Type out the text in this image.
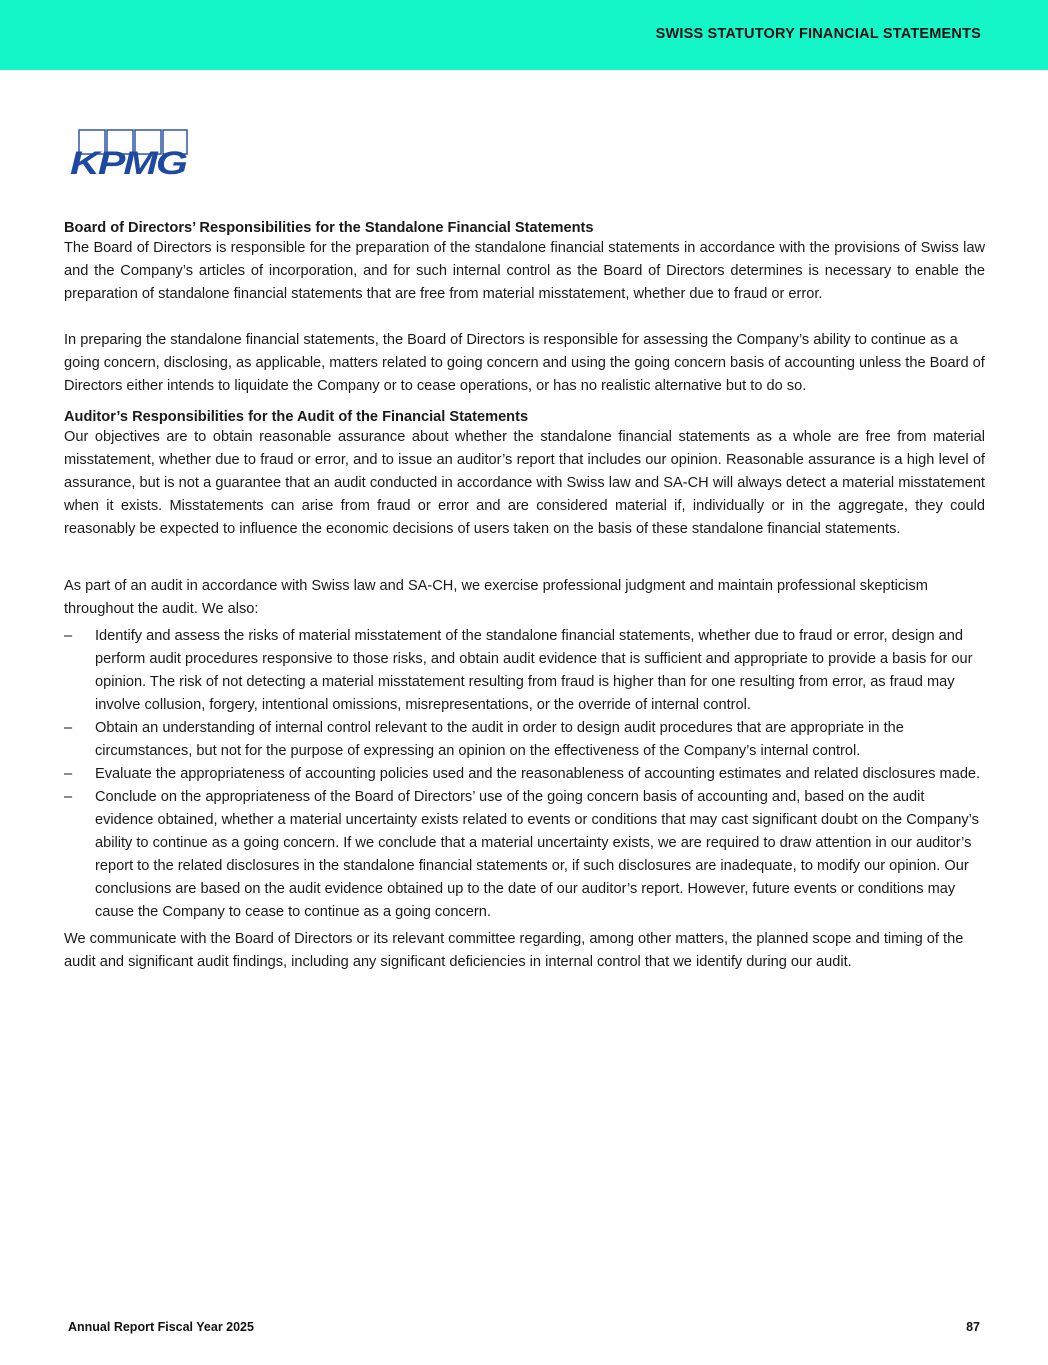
SWISS STATUTORY FINANCIAL STATEMENTS
KPMG
Board of Directors’ Responsibilities for the Standalone Financial Statements

The Board of Directors is responsible for the preparation of the standalone financial statements in accordance with the provisions of Swiss law and the Company’s articles of incorporation, and for such internal control as the Board of Directors determines is necessary to enable the preparation of standalone financial statements that are free from material misstatement, whether due to fraud or error.

In preparing the standalone financial statements, the Board of Directors is responsible for assessing the Company’s ability to continue as a going concern, disclosing, as applicable, matters related to going concern and using the going concern basis of accounting unless the Board of Directors either intends to liquidate the Company or to cease operations, or has no realistic alternative but to do so.

Auditor’s Responsibilities for the Audit of the Financial Statements

Our objectives are to obtain reasonable assurance about whether the standalone financial statements as a whole are free from material misstatement, whether due to fraud or error, and to issue an auditor’s report that includes our opinion. Reasonable assurance is a high level of assurance, but is not a guarantee that an audit conducted in accordance with Swiss law and SA-CH will always detect a material misstatement when it exists. Misstatements can arise from fraud or error and are considered material if, individually or in the aggregate, they could reasonably be expected to influence the economic decisions of users taken on the basis of these standalone financial statements.

As part of an audit in accordance with Swiss law and SA-CH, we exercise professional judgment and maintain professional skepticism throughout the audit. We also:

– Identify and assess the risks of material misstatement of the standalone financial statements, whether due to fraud or error, design and perform audit procedures responsive to those risks, and obtain audit evidence that is sufficient and appropriate to provide a basis for our opinion. The risk of not detecting a material misstatement resulting from fraud is higher than for one resulting from error, as fraud may involve collusion, forgery, intentional omissions, misrepresentations, or the override of internal control.
– Obtain an understanding of internal control relevant to the audit in order to design audit procedures that are appropriate in the circumstances, but not for the purpose of expressing an opinion on the effectiveness of the Company’s internal control.
– Evaluate the appropriateness of accounting policies used and the reasonableness of accounting estimates and related disclosures made.
– Conclude on the appropriateness of the Board of Directors’ use of the going concern basis of accounting and, based on the audit evidence obtained, whether a material uncertainty exists related to events or conditions that may cast significant doubt on the Company’s ability to continue as a going concern. If we conclude that a material uncertainty exists, we are required to draw attention in our auditor’s report to the related disclosures in the standalone financial statements or, if such disclosures are inadequate, to modify our opinion. Our conclusions are based on the audit evidence obtained up to the date of our auditor’s report. However, future events or conditions may cause the Company to cease to continue as a going concern.

We communicate with the Board of Directors or its relevant committee regarding, among other matters, the planned scope and timing of the audit and significant audit findings, including any significant deficiencies in internal control that we identify during our audit.

Annual Report Fiscal Year 2025	87
